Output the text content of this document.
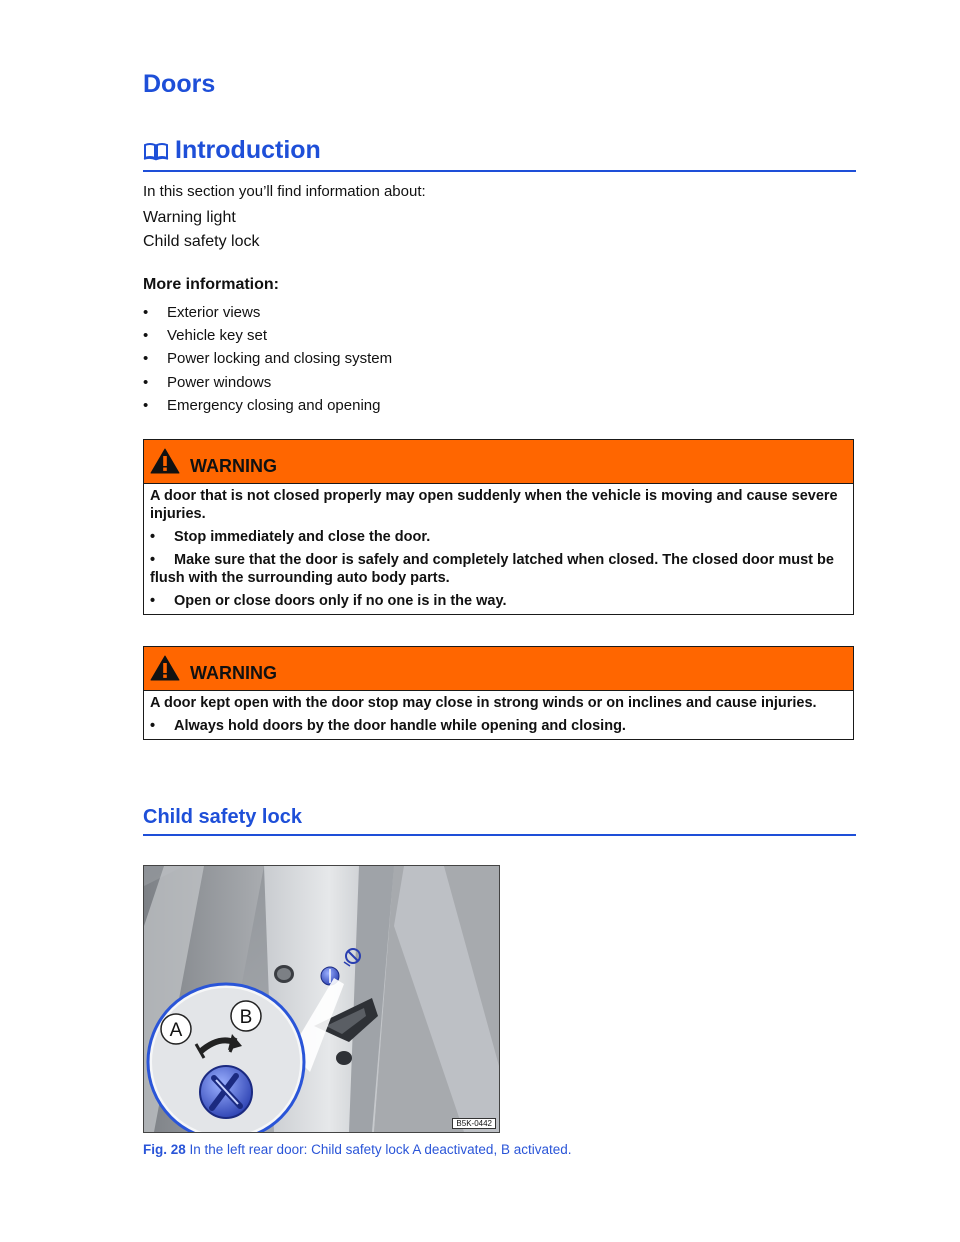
Doors
Introduction
In this section you’ll find information about:
Warning light
Child safety lock
More information:
•	Exterior views
•	Vehicle key set
•	Power locking and closing system
•	Power windows
•	Emergency closing and opening
WARNING

A door that is not closed properly may open suddenly when the vehicle is moving and cause severe injuries.

•	Stop immediately and close the door.
• Make sure that the door is safely and completely latched when closed. The closed door must be flush with the surrounding auto body parts.
•	Open or close doors only if no one is in the way.
WARNING

A door kept open with the door stop may close in strong winds or on inclines and cause injuries.

•	Always hold doors by the door handle while opening and closing.
Child safety lock
A
B
B5K-0442
Fig. 28 In the left rear door: Child safety lock A deactivated, B activated.
